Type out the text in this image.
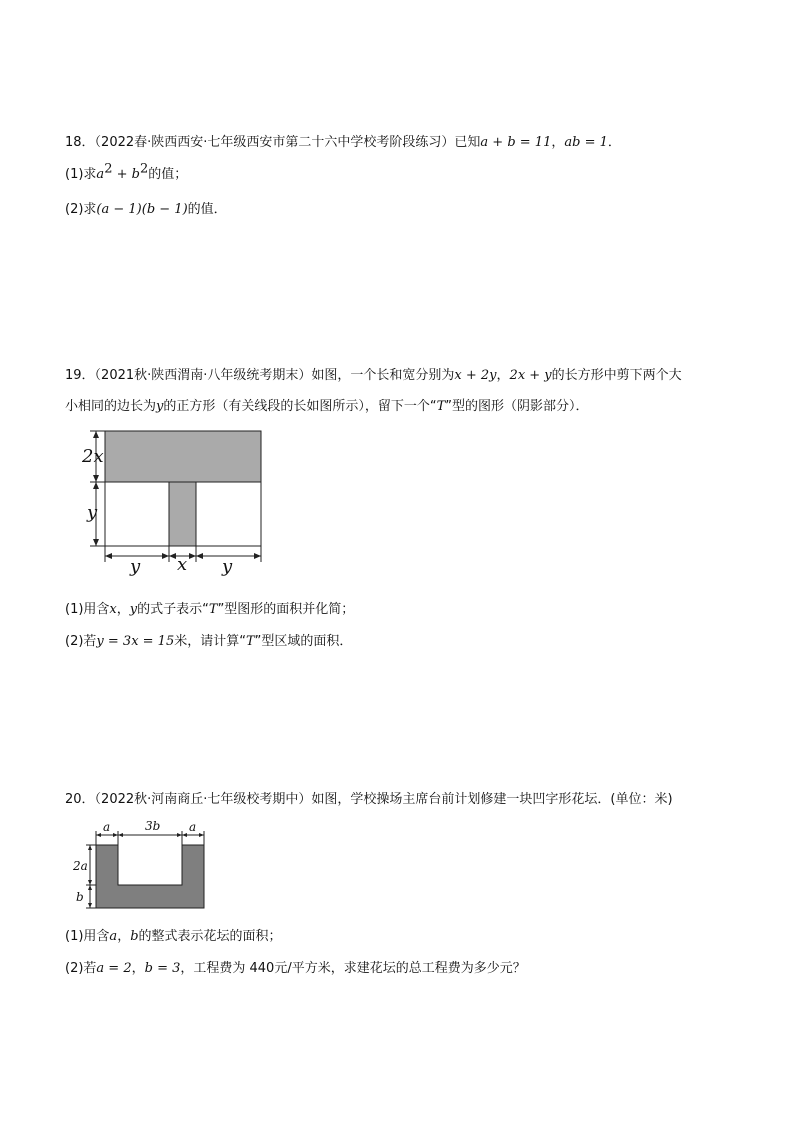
18．（2022春·陕西西安·七年级西安市第二十六中学校考阶段练习）已知a + b = 11，ab = 1．
(1)求$a^2 + b^2$的值；
(2)求(a − 1)(b − 1)的值．
19．（2021秋·陕西渭南·八年级统考期末）如图，一个长和宽分别为x + 2y，2x + y的长方形中剪下两个大
小相同的边长为y的正方形（有关线段的长如图所示），留下一个“T”型的图形（阴影部分）．
2x
y
y x y
(1)用含x，y的式子表示“T”型图形的面积并化简；
(2)若y = 3x = 15米，请计算“T”型区域的面积．
20．（2022秋·河南商丘·七年级校考期中）如图，学校操场主席台前计划修建一块凹字形花坛．(单位：米)
a	3b a
2a
b
(1)用含a，b的整式表示花坛的面积；
(2)若a = 2，b = 3，工程费为 440元/平方米，求建花坛的总工程费为多少元？
